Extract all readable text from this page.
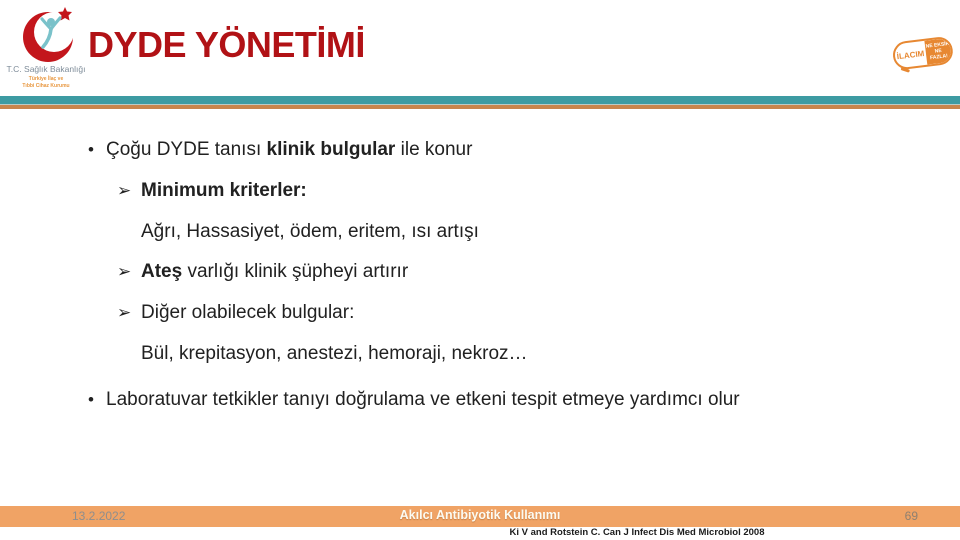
T.C. Sağlık Bakanlığı
Türkiye İlaç ve
Tıbbi Cihaz Kurumu
DYDE YÖNETİMİ	İLACIM
NE EKSİK
NE FAZLA!
• Çoğu DYDE tanısı klinik bulgular ile konur
➢ Minimum kriterler:
Ağrı, Hassasiyet, ödem, eritem, ısı artışı
➢ Ateş varlığı klinik şüpheyi artırır
➢ Diğer olabilecek bulgular:
Bül, krepitasyon, anestezi, hemoraji, nekroz…
• Laboratuvar tetkikler tanıyı doğrulama ve etkeni tespit etmeye yardımcı olur
13.2.2022	Akılcı Antibiyotik Kullanımı	69
Ki V and Rotstein C. Can J Infect Dis Med Microbiol 2008
